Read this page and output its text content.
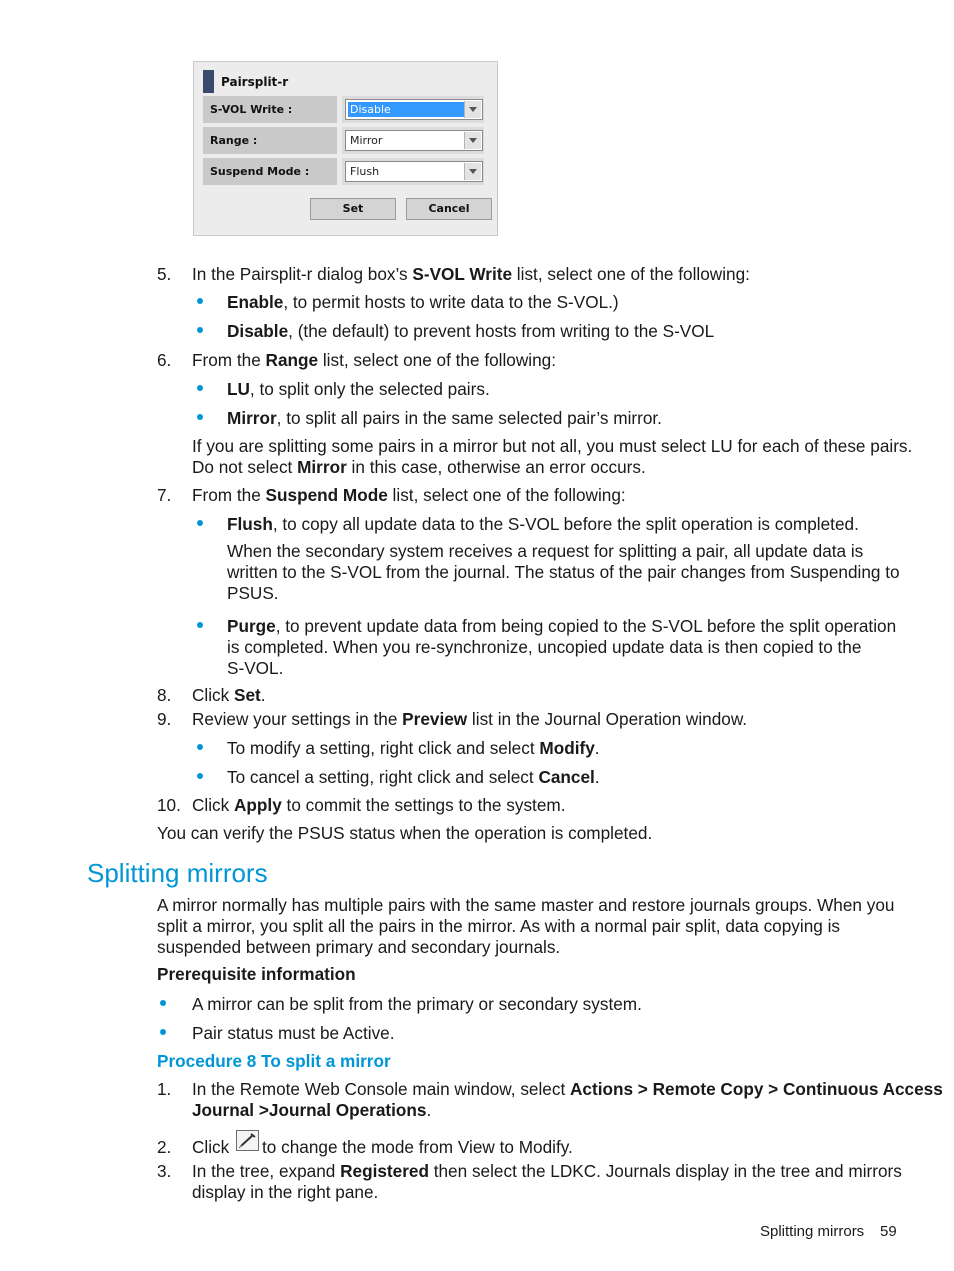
Pairsplit-r
S-VOL Write :	Disable
Range :	Mirror
Suspend Mode :	Flush
Set	Cancel
5. In the Pairsplit-r dialog box’s S-VOL Write list, select one of the following:
Enable, to permit hosts to write data to the S-VOL.)
Disable, (the default) to prevent hosts from writing to the S-VOL
6. From the Range list, select one of the following:
LU, to split only the selected pairs.
Mirror, to split all pairs in the same selected pair’s mirror.
If you are splitting some pairs in a mirror but not all, you must select LU for each of these pairs.
Do not select Mirror in this case, otherwise an error occurs.
7. From the Suspend Mode list, select one of the following:
Flush, to copy all update data to the S-VOL before the split operation is completed.
When the secondary system receives a request for splitting a pair, all update data is
written to the S-VOL from the journal. The status of the pair changes from Suspending to
PSUS.
Purge, to prevent update data from being copied to the S-VOL before the split operation
is completed. When you re-synchronize, uncopied update data is then copied to the
S-VOL.
8. Click Set.
9. Review your settings in the Preview list in the Journal Operation window.
To modify a setting, right click and select Modify.
To cancel a setting, right click and select Cancel.
10. Click Apply to commit the settings to the system.
You can verify the PSUS status when the operation is completed.
Splitting mirrors
A mirror normally has multiple pairs with the same master and restore journals groups. When you
split a mirror, you split all the pairs in the mirror. As with a normal pair split, data copying is
suspended between primary and secondary journals.
Prerequisite information
A mirror can be split from the primary or secondary system.
Pair status must be Active.
Procedure 8 To split a mirror
1. In the Remote Web Console main window, select Actions > Remote Copy > Continuous Access
Journal >Journal Operations.
2. Click to change the mode from View to Modify.
3. In the tree, expand Registered then select the LDKC. Journals display in the tree and mirrors
display in the right pane.
Splitting mirrors 59
